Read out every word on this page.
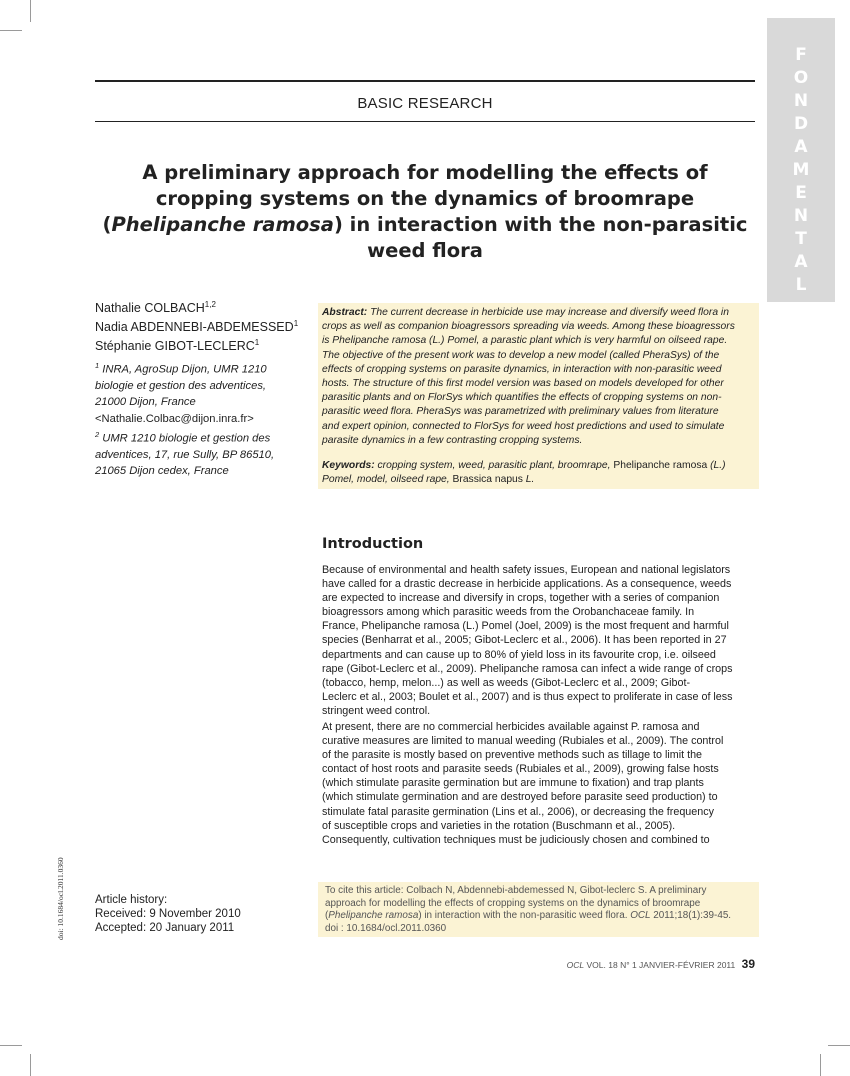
F
O
N
D
A
M
E
N
T
A
L
BASIC RESEARCH
A preliminary approach for modelling the effects of
cropping systems on the dynamics of broomrape
(Phelipanche ramosa) in interaction with the non-parasitic
weed flora
Nathalie COLBACH$^{1,2}$
Nadia ABDENNEBI-ABDEMESSED$^1$
Stéphanie GIBOT-LECLERC$^1$
$^1$ INRA, AgroSup Dijon, UMR 1210
biologie et gestion des adventices,
21000 Dijon, France
<Nathalie.Colbac@dijon.inra.fr>
$^2$ UMR 1210 biologie et gestion des
adventices, 17, rue Sully, BP 86510,
21065 Dijon cedex, France
Abstract: The current decrease in herbicide use may increase and diversify weed flora in
crops as well as companion bioagressors spreading via weeds. Among these bioagressors
is Phelipanche ramosa (L.) Pomel, a parastic plant which is very harmful on oilseed rape.
The objective of the present work was to develop a new model (called PheraSys) of the
effects of cropping systems on parasite dynamics, in interaction with non-parasitic weed
hosts. The structure of this first model version was based on models developed for other
parasitic plants and on FlorSys which quantifies the effects of cropping systems on non-
parasitic weed flora. PheraSys was parametrized with preliminary values from literature
and expert opinion, connected to FlorSys for weed host predictions and used to simulate
parasite dynamics in a few contrasting cropping systems.
Keywords: cropping system, weed, parasitic plant, broomrape, Phelipanche ramosa (L.) Pomel, model, oilseed rape, Brassica napus L.
Introduction
Because of environmental and health safety issues, European and national legislators
have called for a drastic decrease in herbicide applications. As a consequence, weeds
are expected to increase and diversify in crops, together with a series of companion
bioagressors among which parasitic weeds from the Orobanchaceae family. In
France, Phelipanche ramosa (L.) Pomel (Joel, 2009) is the most frequent and harmful
species (Benharrat et al., 2005; Gibot-Leclerc et al., 2006). It has been reported in 27
departments and can cause up to 80% of yield loss in its favourite crop, i.e. oilseed
rape (Gibot-Leclerc et al., 2009). Phelipanche ramosa can infect a wide range of crops
(tobacco, hemp, melon...) as well as weeds (Gibot-Leclerc et al., 2009; Gibot-
Leclerc et al., 2003; Boulet et al., 2007) and is thus expect to proliferate in case of less
stringent weed control.
At present, there are no commercial herbicides available against P. ramosa and
curative measures are limited to manual weeding (Rubiales et al., 2009). The control
of the parasite is mostly based on preventive methods such as tillage to limit the
contact of host roots and parasite seeds (Rubiales et al., 2009), growing false hosts
(which stimulate parasite germination but are immune to fixation) and trap plants
(which stimulate germination and are destroyed before parasite seed production) to
stimulate fatal parasite germination (Lins et al., 2006), or decreasing the frequency
of susceptible crops and varieties in the rotation (Buschmann et al., 2005).
Consequently, cultivation techniques must be judiciously chosen and combined to
doi: 10.1684/ocl.2011.0360	Article history:
Received: 9 November 2010
Accepted: 20 January 2011
To cite this article: Colbach N, Abdennebi-abdemessed N, Gibot-leclerc S. A preliminary
approach for modelling the effects of cropping systems on the dynamics of broomrape
(Phelipanche ramosa) in interaction with the non-parasitic weed flora. OCL 2011;18(1):39-45.
doi : 10.1684/ocl.2011.0360
OCL VOL. 18 N° 1 JANVIER-FÉVRIER 2011 39
